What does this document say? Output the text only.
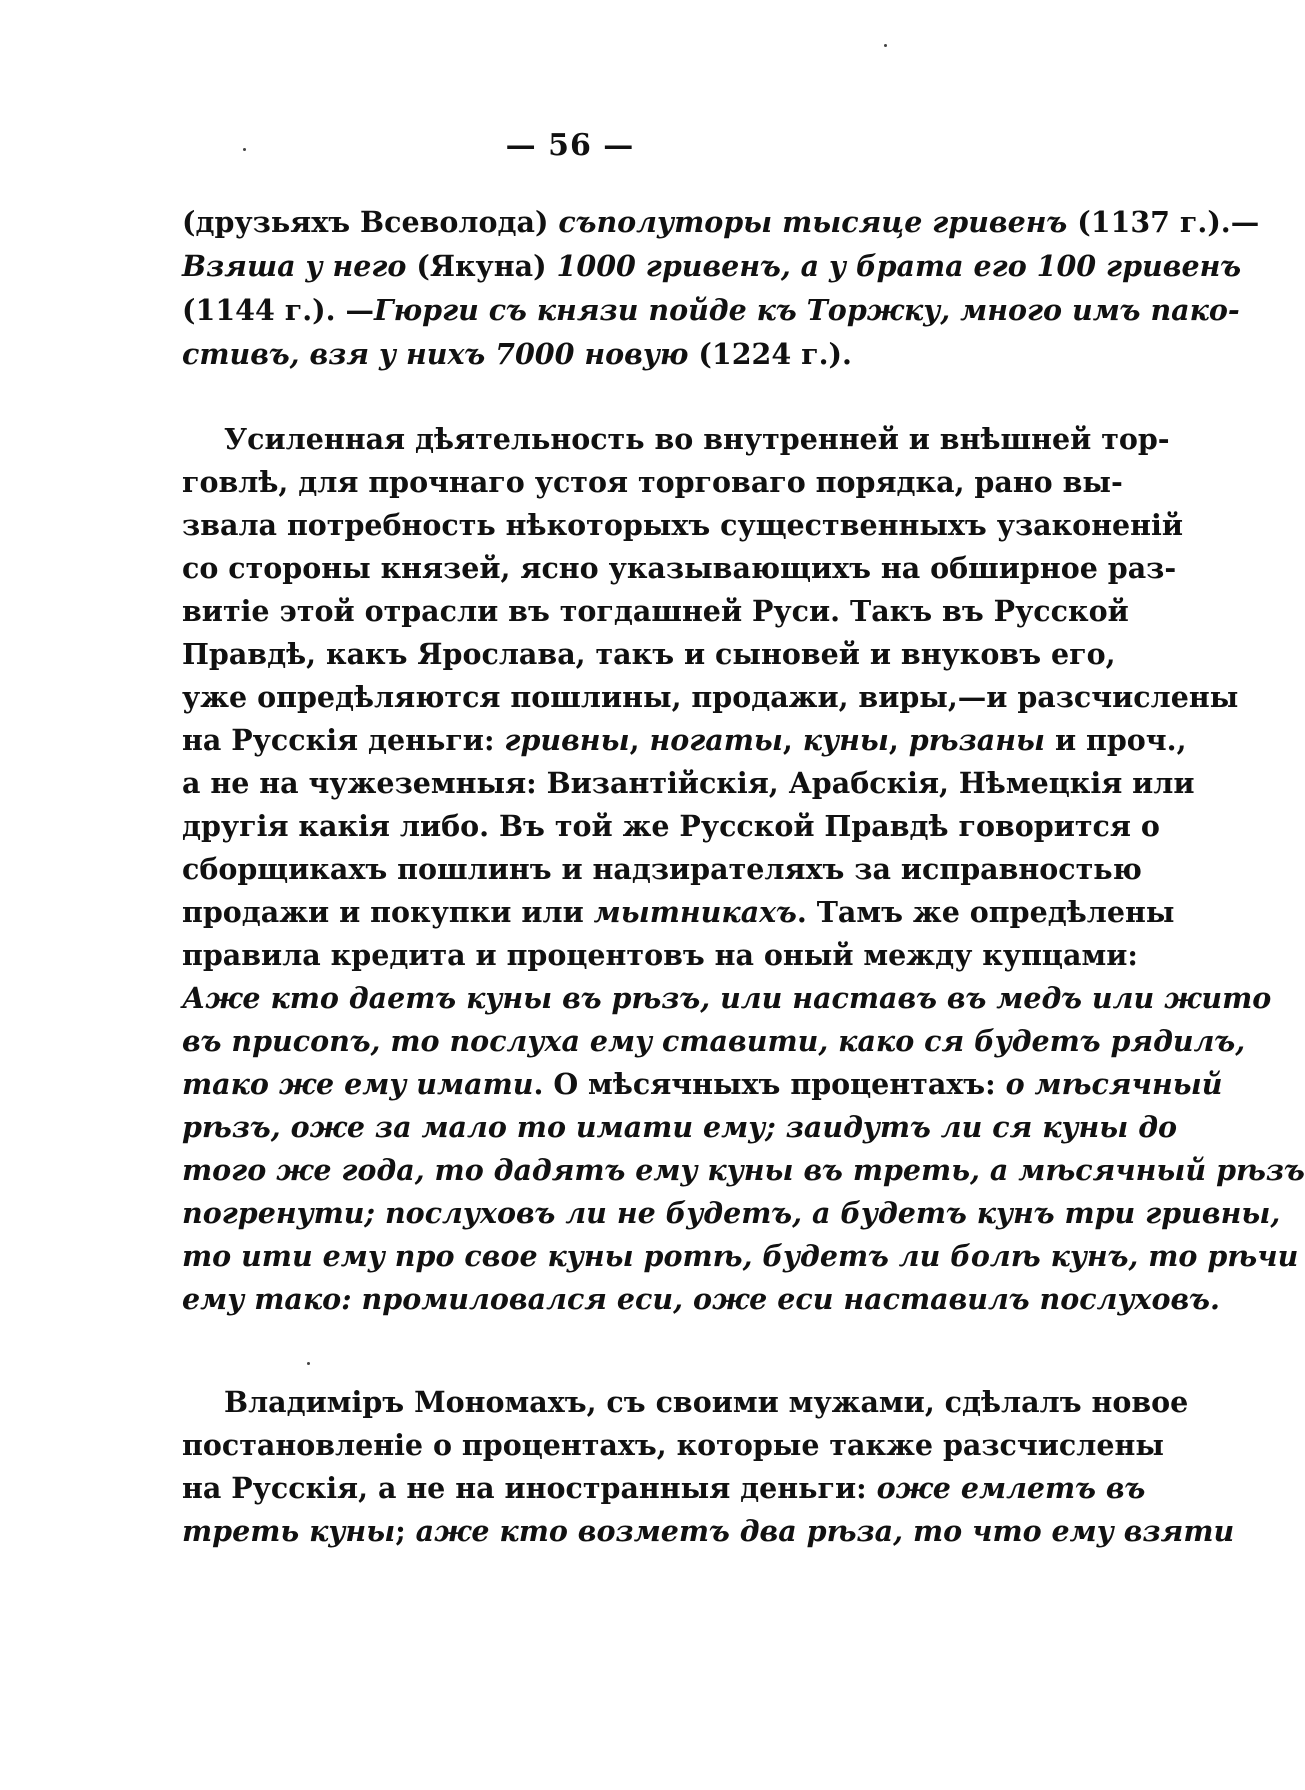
— 56 —
(друзьяхъ Всеволода) съполуторы тысяце гривенъ (1137 г.).—
Взяша у него (Якуна) 1000 гривенъ, а у брата его 100 гривенъ
(1144 г.). —Гюрги съ князи пойде къ Торжку, много имъ пако-
стивъ, взя у нихъ 7000 новую (1224 г.).
Усиленная дѣятельность во внутренней и внѣшней тор-
говлѣ, для прочнаго устоя торговаго порядка, рано вы-
звала потребность нѣкоторыхъ существенныхъ узаконеній
со стороны князей, ясно указывающихъ на обширное раз-
витіе этой отрасли въ тогдашней Руси. Такъ въ Русской
Правдѣ, какъ Ярослава, такъ и сыновей и внуковъ его,
уже опредѣляются пошлины, продажи, виры,—и разсчислены
на Русскія деньги: гривны, ногаты, куны, рѣзаны и проч.,
а не на чужеземныя: Византійскія, Арабскія, Нѣмецкія или
другія какія либо. Въ той же Русской Правдѣ говорится о
сборщикахъ пошлинъ и надзирателяхъ за исправностью
продажи и покупки или мытникахъ. Тамъ же опредѣлены
правила кредита и процентовъ на оный между купцами:
Аже кто даетъ куны въ рѣзъ, или наставъ въ медъ или жито
въ присопъ, то послуха ему ставити, како ся будетъ рядилъ,
тако же ему имати. О мѣсячныхъ процентахъ: о мѣсячный
рѣзъ, оже за мало то имати ему; заидутъ ли ся куны до
того же года, то дадятъ ему куны въ треть, а мѣсячный рѣзъ
погренути; послуховъ ли не будетъ, а будетъ кунъ три гривны,
то ити ему про свое куны ротѣ, будетъ ли болѣ кунъ, то рѣчи
ему тако: промиловался еси, оже еси наставилъ послуховъ.
Владиміръ Мономахъ, съ своими мужами, сдѣлалъ новое
постановленіе о процентахъ, которые также разсчислены
на Русскія, а не на иностранныя деньги: оже емлетъ въ
треть куны; аже кто возметъ два рѣза, то что ему взяти
